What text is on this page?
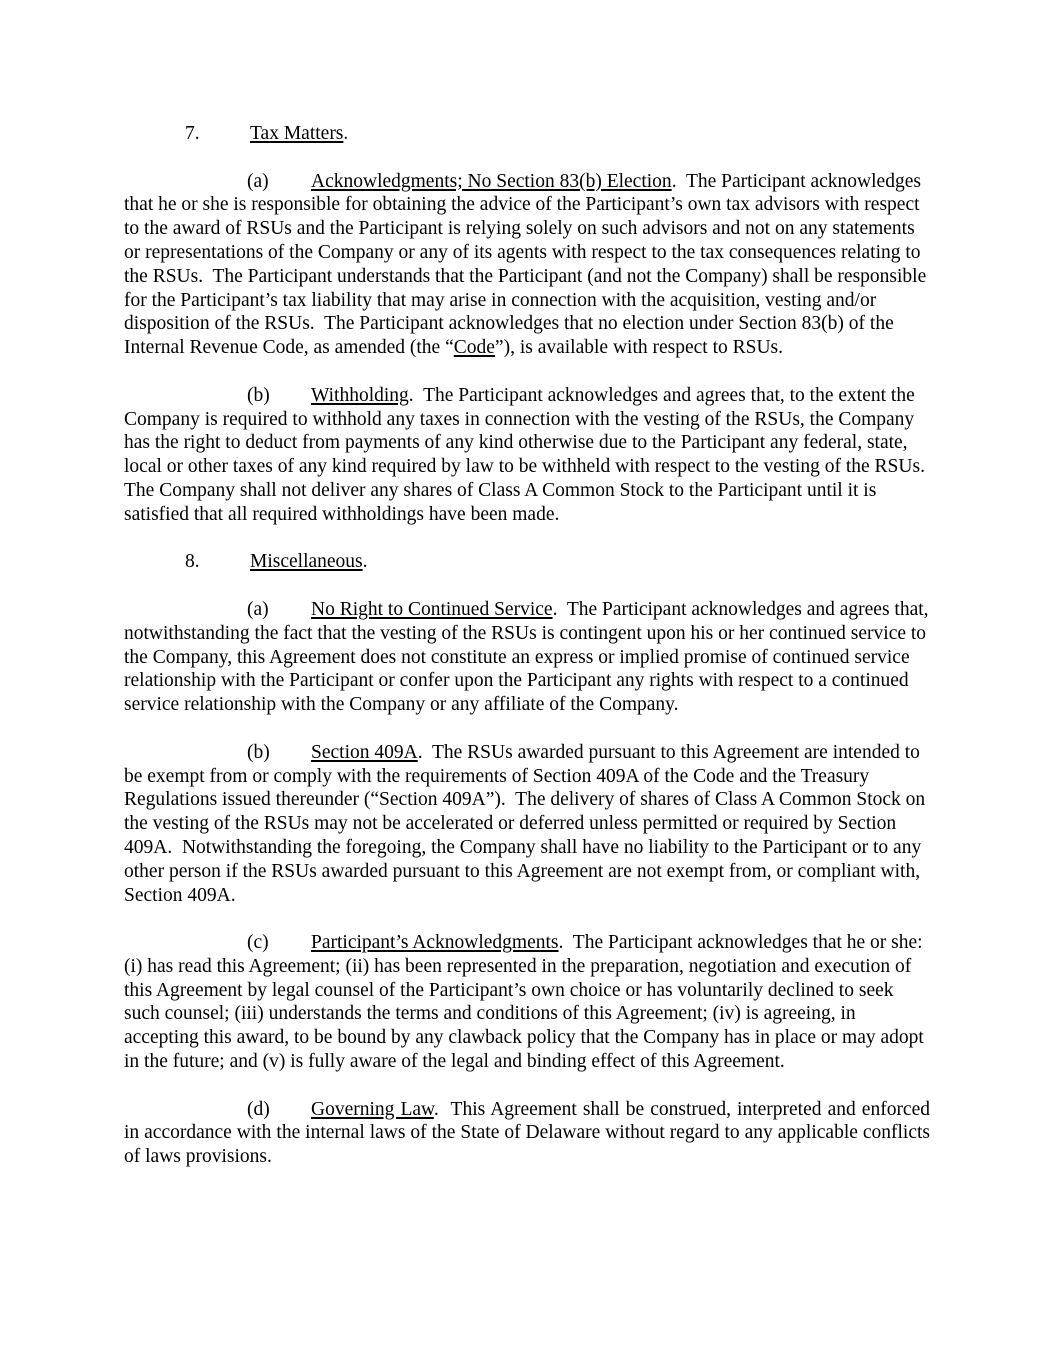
7.	Tax Matters.

(a) Acknowledgments; No Section 83(b) Election.  The Participant acknowledges that he or she is responsible for obtaining the advice of the Participant’s own tax advisors with respect to the award of RSUs and the Participant is relying solely on such advisors and not on any statements or representations of the Company or any of its agents with respect to the tax consequences relating to the RSUs.  The Participant understands that the Participant (and not the Company) shall be responsible for the Participant’s tax liability that may arise in connection with the acquisition, vesting and/or disposition of the RSUs.  The Participant acknowledges that no election under Section 83(b) of the Internal Revenue Code, as amended (the “Code”), is available with respect to RSUs.

(b) Withholding.  The Participant acknowledges and agrees that, to the extent the Company is required to withhold any taxes in connection with the vesting of the RSUs, the Company has the right to deduct from payments of any kind otherwise due to the Participant any federal, state, local or other taxes of any kind required by law to be withheld with respect to the vesting of the RSUs.  The Company shall not deliver any shares of Class A Common Stock to the Participant until it is satisfied that all required withholdings have been made.

8.	Miscellaneous.

(a) No Right to Continued Service.  The Participant acknowledges and agrees that, notwithstanding the fact that the vesting of the RSUs is contingent upon his or her continued service to the Company, this Agreement does not constitute an express or implied promise of continued service relationship with the Participant or confer upon the Participant any rights with respect to a continued service relationship with the Company or any affiliate of the Company.

(b) Section 409A.  The RSUs awarded pursuant to this Agreement are intended to be exempt from or comply with the requirements of Section 409A of the Code and the Treasury Regulations issued thereunder (“Section 409A”).  The delivery of shares of Class A Common Stock on the vesting of the RSUs may not be accelerated or deferred unless permitted or required by Section 409A.  Notwithstanding the foregoing, the Company shall have no liability to the Participant or to any other person if the RSUs awarded pursuant to this Agreement are not exempt from, or compliant with, Section 409A.

(c) Participant’s Acknowledgments.  The Participant acknowledges that he or she:  (i) has read this Agreement; (ii) has been represented in the preparation, negotiation and execution of this Agreement by legal counsel of the Participant’s own choice or has voluntarily declined to seek such counsel; (iii) understands the terms and conditions of this Agreement; (iv) is agreeing, in accepting this award, to be bound by any clawback policy that the Company has in place or may adopt in the future; and (v) is fully aware of the legal and binding effect of this Agreement.

(d) Governing Law.  This Agreement shall be construed, interpreted and enforced in accordance with the internal laws of the State of Delaware without regard to any applicable conflicts of laws provisions.
